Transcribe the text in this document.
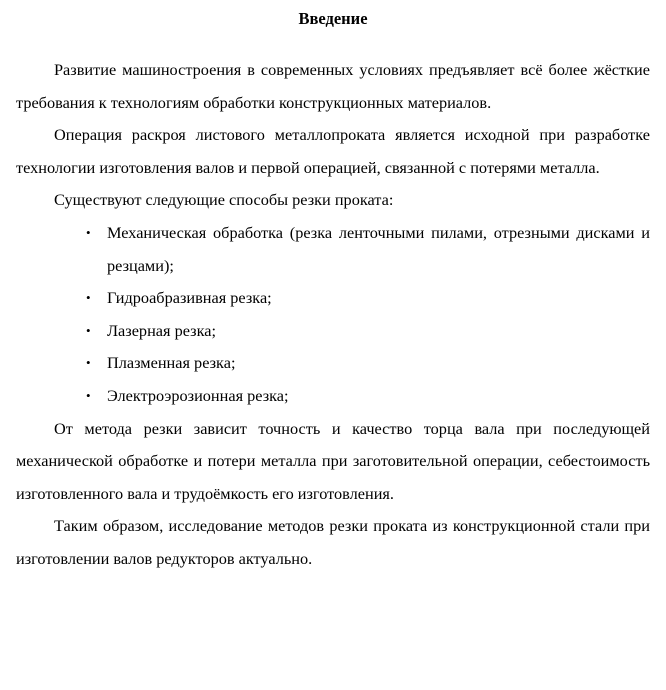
Введение

Развитие машиностроения в современных условиях предъявляет всё более жёсткие требования к технологиям обработки конструкционных материалов.

Операция раскроя листового металлопроката является исходной при разработке технологии изготовления валов и первой операцией, связанной с потерями металла.

Существуют следующие способы резки проката:

• Механическая обработка (резка ленточными пилами, отрезными дисками и резцами);
• Гидроабразивная резка;
• Лазерная резка;
• Плазменная резка;
• Электроэрозионная резка;

От метода резки зависит точность и качество торца вала при последующей механической обработке и потери металла при заготовительной операции, себестоимость изготовленного вала и трудоёмкость его изготовления.

Таким образом, исследование методов резки проката из конструкционной стали при изготовлении валов редукторов актуально.
